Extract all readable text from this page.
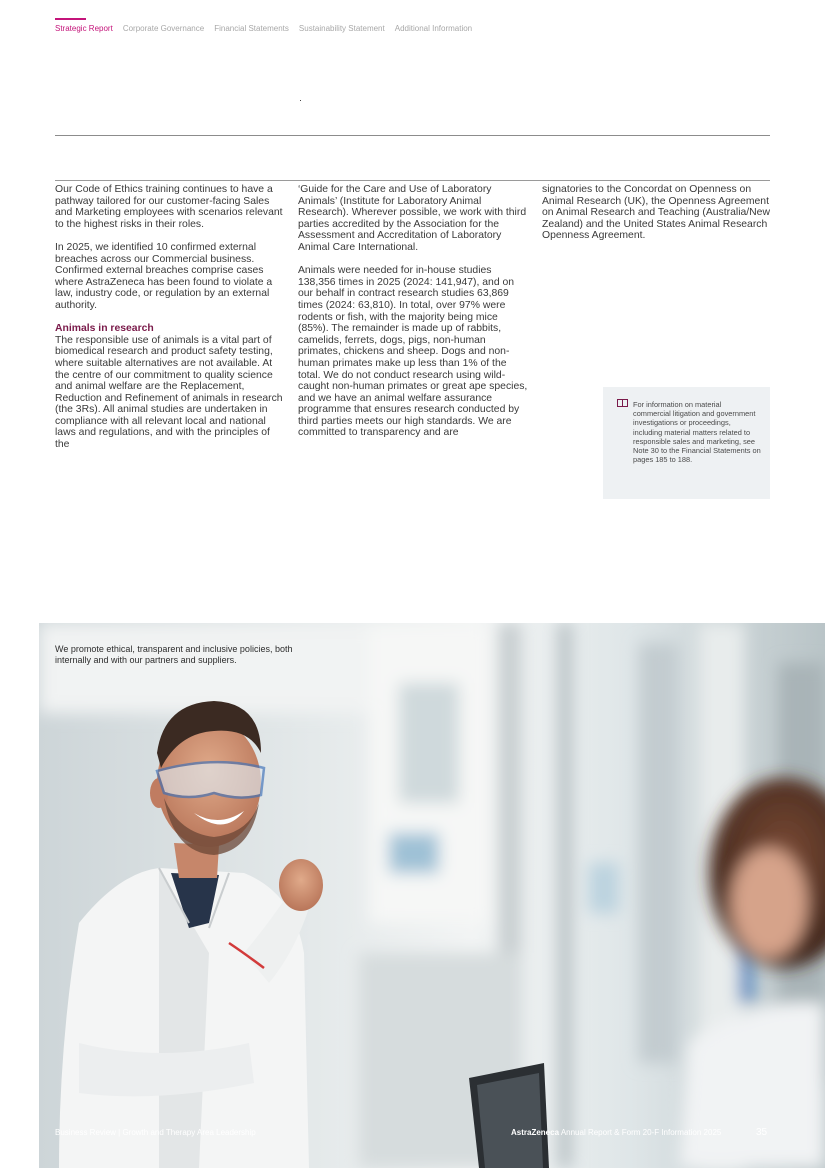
Strategic Report Corporate Governance Financial Statements Sustainability Statement Additional Information

Our Code of Ethics training continues to have a pathway tailored for our customer-facing Sales and Marketing employees with scenarios relevant to the highest risks in their roles.

In 2025, we identified 10 confirmed external breaches across our Commercial business. Confirmed external breaches comprise cases where AstraZeneca has been found to violate a law, industry code, or regulation by an external authority.

Animals in research

The responsible use of animals is a vital part of biomedical research and product safety testing, where suitable alternatives are not available. At the centre of our commitment to quality science and animal welfare are the Replacement, Reduction and Refinement of animals in research (the 3Rs). All animal studies are undertaken in compliance with all relevant local and national laws and regulations, and with the principles of the

‘Guide for the Care and Use of Laboratory Animals’ (Institute for Laboratory Animal Research). Wherever possible, we work with third parties accredited by the Association for the Assessment and Accreditation of Laboratory Animal Care International.

Animals were needed for in-house studies 138,356 times in 2025 (2024: 141,947), and on our behalf in contract research studies 63,869 times (2024: 63,810). In total, over 97% were rodents or fish, with the majority being mice (85%). The remainder is made up of rabbits, camelids, ferrets, dogs, pigs, non-human primates, chickens and sheep. Dogs and non-human primates make up less than 1% of the total. We do not conduct research using wild-caught non-human primates or great ape species, and we have an animal welfare assurance programme that ensures research conducted by third parties meets our high standards. We are committed to transparency and are

signatories to the Concordat on Openness on Animal Research (UK), the Openness Agreement on Animal Research and Teaching (Australia/New Zealand) and the United States Animal Research Openness Agreement.

For information on material commercial litigation and government investigations or proceedings, including material matters related to responsible sales and marketing, see Note 30 to the Financial Statements on pages 185 to 188.
We promote ethical, transparent and inclusive policies, both internally and with our partners and suppliers.
Business Review | Growth and Therapy Area Leadership	AstraZeneca Annual Report & Form 20-F Information 2025	35
